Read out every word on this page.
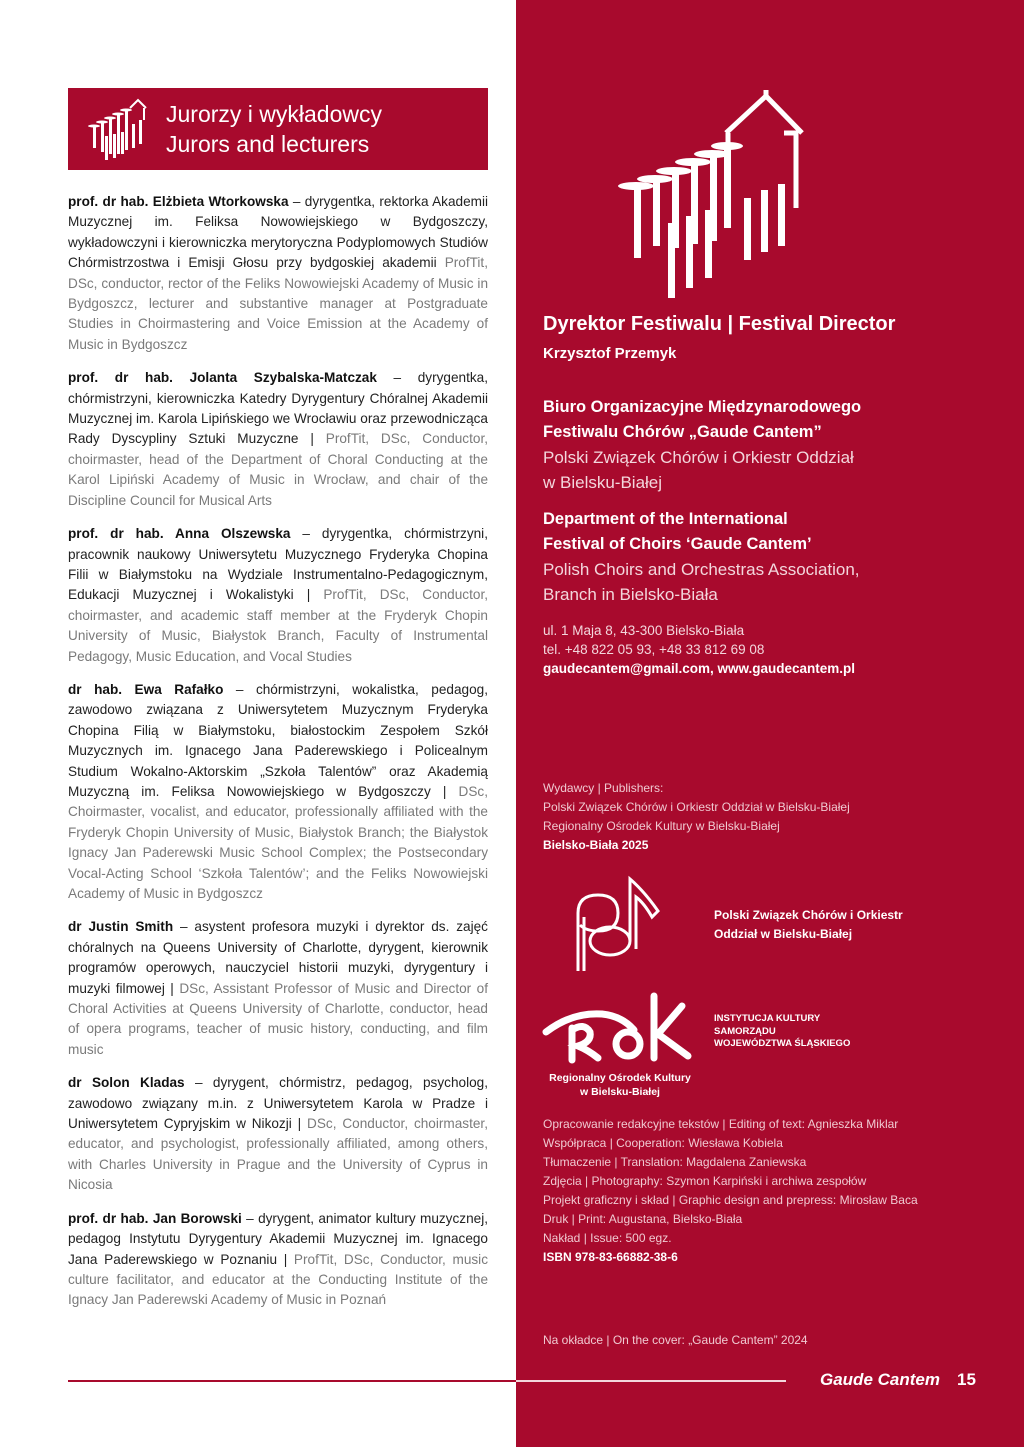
Jurorzy i wykładowcy
Jurors and lecturers

prof. dr hab. Elżbieta Wtorkowska – dyrygentka, rektorka Akademii Muzycznej im. Feliksa Nowowiejskiego w Bydgoszczy, wykładowczyni i kierowniczka merytoryczna Podyplomowych Studiów Chórmistrzostwa i Emisji Głosu przy bydgoskiej akademii ProfTit, DSc, conductor, rector of the Feliks Nowowiejski Academy of Music in Bydgoszcz, lecturer and substantive manager at Postgraduate Studies in Choirmastering and Voice Emission at the Academy of Music in Bydgoszcz

prof. dr hab. Jolanta Szybalska-Matczak – dyrygentka, chórmistrzyni, kierowniczka Katedry Dyrygentury Chóralnej Akademii Muzycznej im. Karola Lipińskiego we Wrocławiu oraz przewodnicząca Rady Dyscypliny Sztuki Muzyczne | ProfTit, DSc, Conductor, choirmaster, head of the Department of Choral Conducting at the Karol Lipiński Academy of Music in Wrocław, and chair of the Discipline Council for Musical Arts

prof. dr hab. Anna Olszewska – dyrygentka, chórmistrzyni, pracownik naukowy Uniwersytetu Muzycznego Fryderyka Chopina Filii w Białymstoku na Wydziale Instrumentalno-Pedagogicznym, Edukacji Muzycznej i Wokalistyki | ProfTit, DSc, Conductor, choirmaster, and academic staff member at the Fryderyk Chopin University of Music, Białystok Branch, Faculty of Instrumental Pedagogy, Music Education, and Vocal Studies

dr hab. Ewa Rafałko – chórmistrzyni, wokalistka, pedagog, zawodowo związana z Uniwersytetem Muzycznym Fryderyka Chopina Filią w Białymstoku, białostockim Zespołem Szkół Muzycznych im. Ignacego Jana Paderewskiego i Policealnym Studium Wokalno-Aktorskim „Szkoła Talentów” oraz Akademią Muzyczną im. Feliksa Nowowiejskiego w Bydgoszczy | DSc, Choirmaster, vocalist, and educator, professionally affiliated with the Fryderyk Chopin University of Music, Białystok Branch; the Białystok Ignacy Jan Paderewski Music School Complex; the Postsecondary Vocal-Acting School ‘Szkoła Talentów’; and the Feliks Nowowiejski Academy of Music in Bydgoszcz

dr Justin Smith – asystent profesora muzyki i dyrektor ds. zajęć chóralnych na Queens University of Charlotte, dyrygent, kierownik programów operowych, nauczyciel historii muzyki, dyrygentury i muzyki filmowej | DSc, Assistant Professor of Music and Director of Choral Activities at Queens University of Charlotte, conductor, head of opera programs, teacher of music history, conducting, and film music

dr Solon Kladas – dyrygent, chórmistrz, pedagog, psycholog, zawodowo związany m.in. z Uniwersytetem Karola w Pradze i Uniwersytetem Cypryjskim w Nikozji | DSc, Conductor, choirmaster, educator, and psychologist, professionally affiliated, among others, with Charles University in Prague and the University of Cyprus in Nicosia

prof. dr hab. Jan Borowski – dyrygent, animator kultury muzycznej, pedagog Instytutu Dyrygentury Akademii Muzycznej im. Ignacego Jana Paderewskiego w Poznaniu | ProfTit, DSc, Conductor, music culture facilitator, and educator at the Conducting Institute of the Ignacy Jan Paderewski Academy of Music in Poznań

Dyrektor Festiwalu | Festival Director
Krzysztof Przemyk
Biuro Organizacyjne Międzynarodowego
Festiwalu Chórów „Gaude Cantem”
Polski Związek Chórów i Orkiestr Oddział
w Bielsku-Białej
Department of the International
Festival of Choirs ‘Gaude Cantem’
Polish Choirs and Orchestras Association,
Branch in Bielsko-Biała
ul. 1 Maja 8, 43-300 Bielsko-Biała
tel. +48 822 05 93, +48 33 812 69 08
gaudecantem@gmail.com, www.gaudecantem.pl
Wydawcy | Publishers:
Polski Związek Chórów i Orkiestr Oddział w Bielsku-Białej
Regionalny Ośrodek Kultury w Bielsku-Białej
Bielsko-Biała 2025
Polski Związek Chórów i Orkiestr
Oddział w Bielsku-Białej
INSTYTUCJA KULTURY
SAMORZĄDU
WOJEWÓDZTWA ŚLĄSKIEGO
Regionalny Ośrodek Kultury
w Bielsku-Białej
Opracowanie redakcyjne tekstów | Editing of text: Agnieszka Miklar
Współpraca | Cooperation: Wiesława Kobiela
Tłumaczenie | Translation: Magdalena Zaniewska
Zdjęcia | Photography: Szymon Karpiński i archiwa zespołów
Projekt graficzny i skład | Graphic design and prepress: Mirosław Baca
Druk | Print: Augustana, Bielsko-Biała
Nakład | Issue: 500 egz.
ISBN 978-83-66882-38-6
Na okładce | On the cover: „Gaude Cantem” 2024
Gaude Cantem 15
